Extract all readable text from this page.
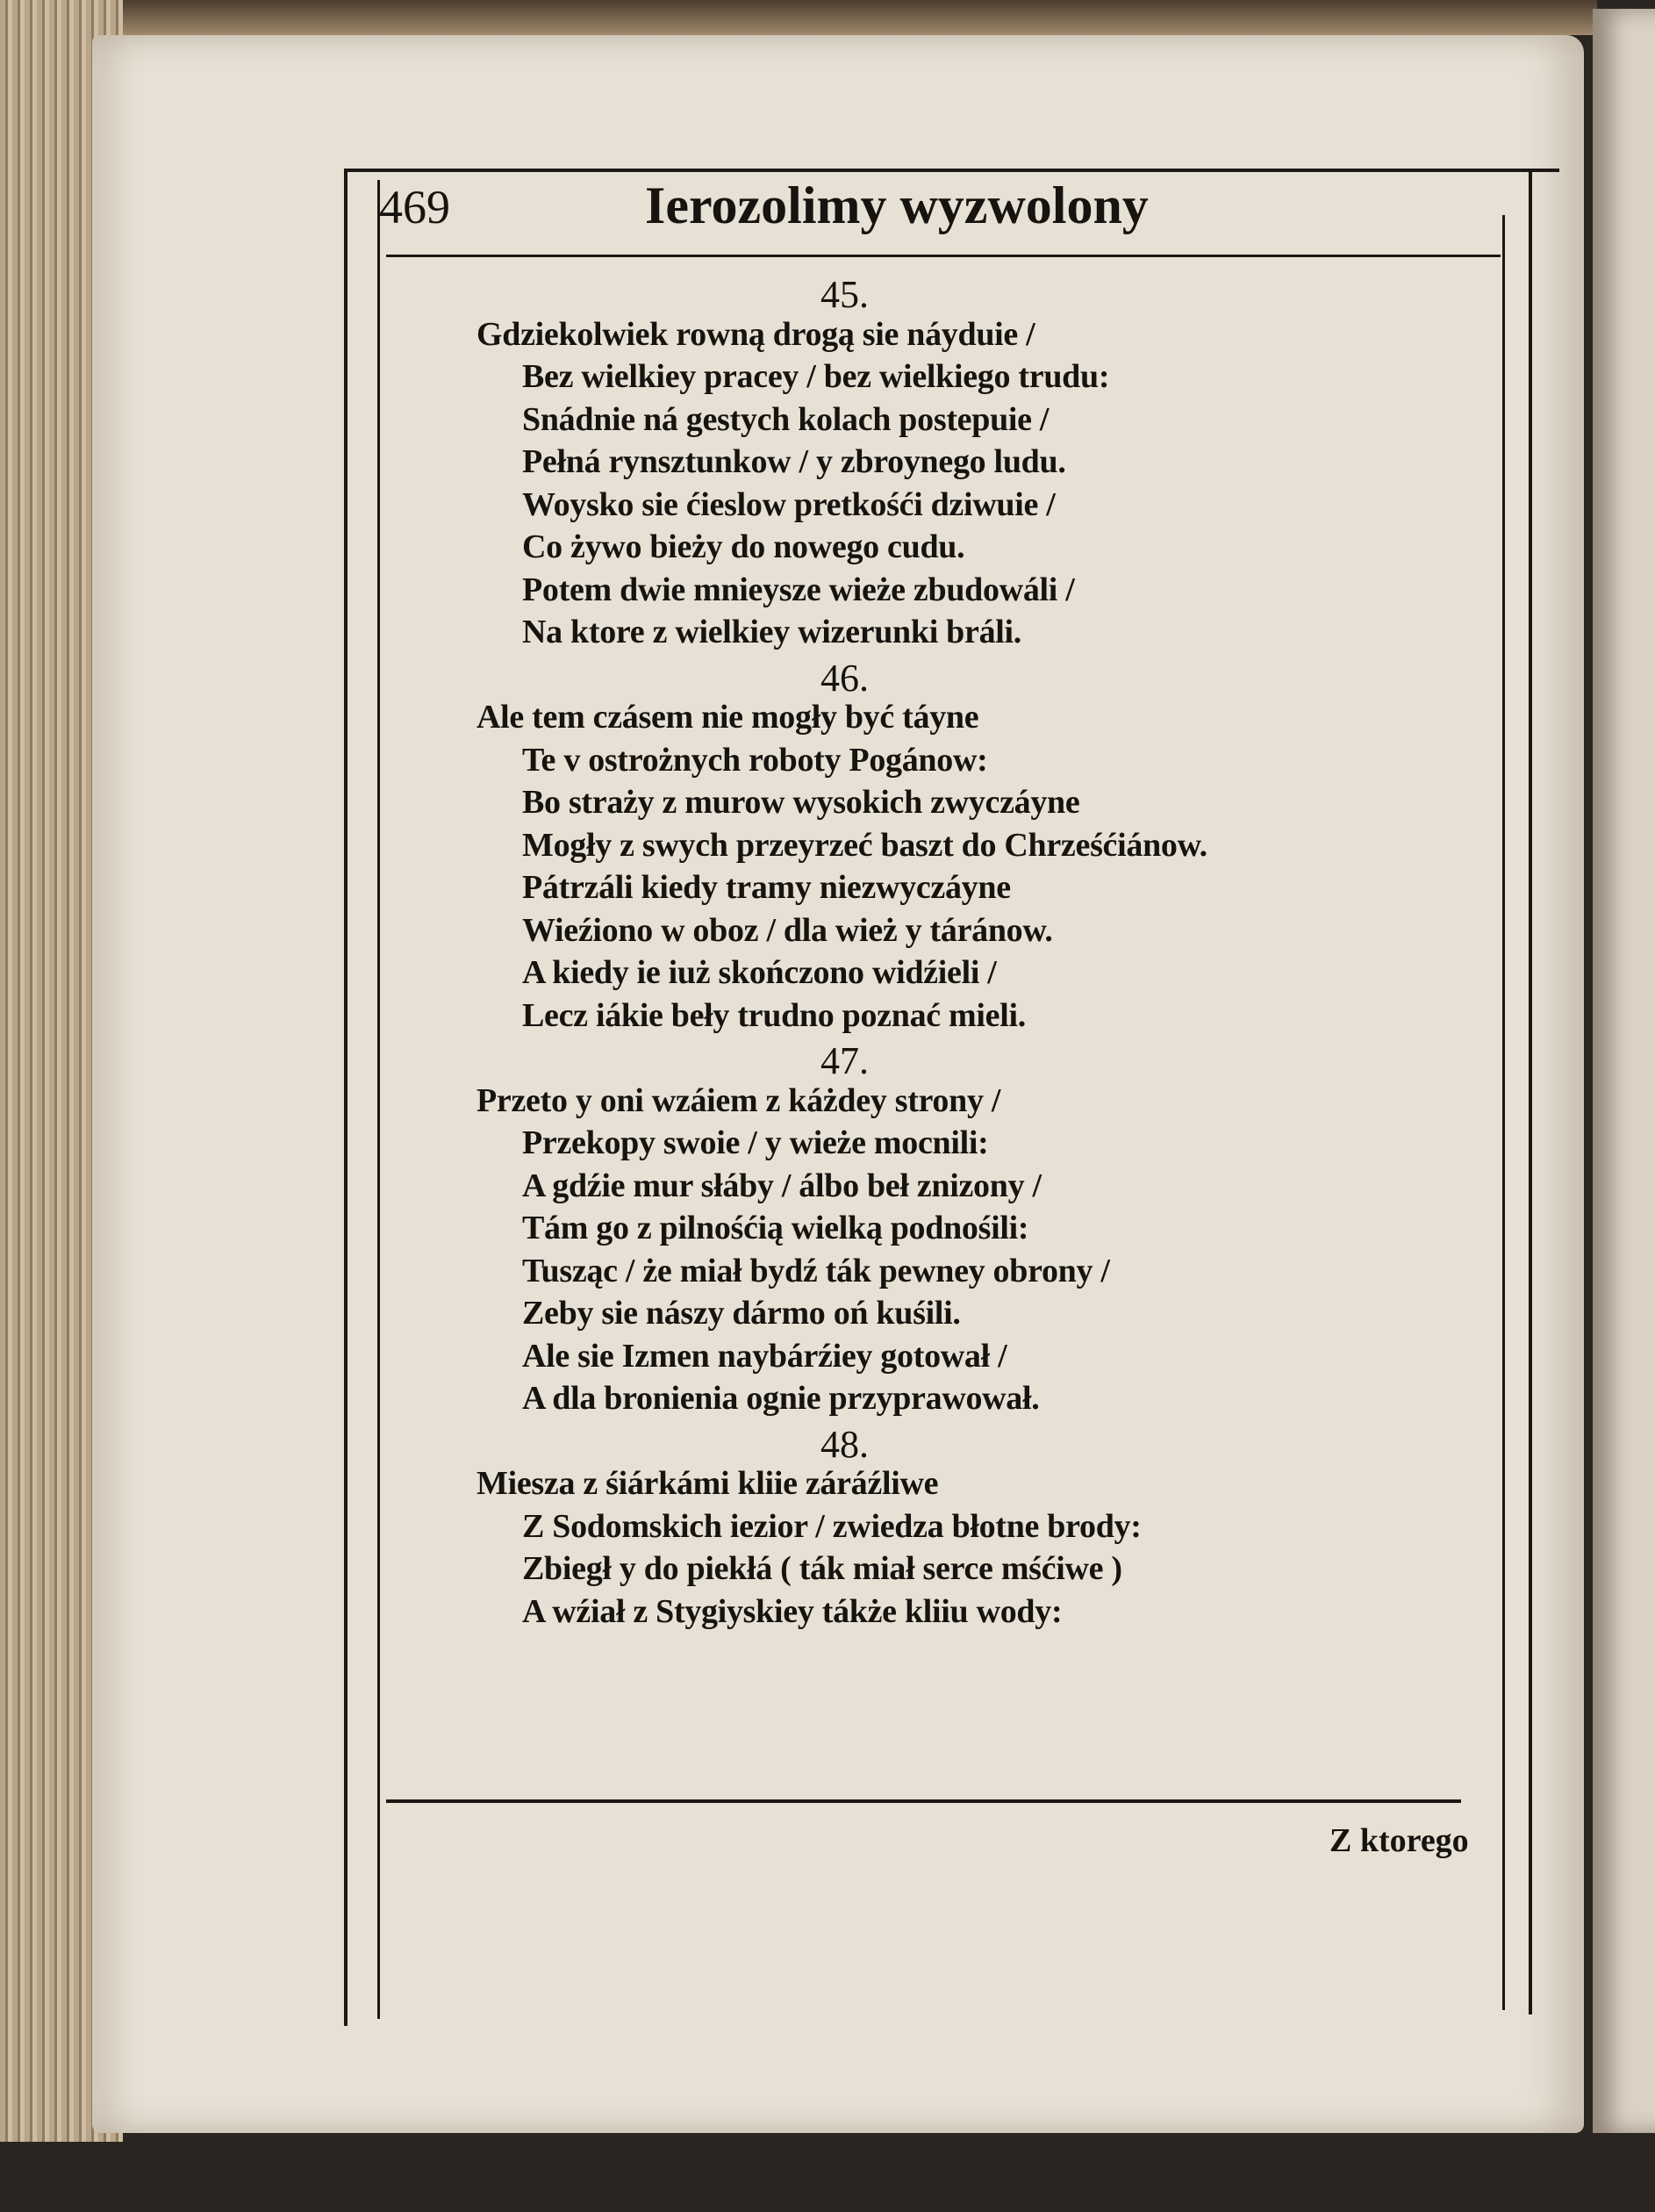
469	Ierozolimy wyzwolony
45.
Gdziekolwiek rowną drogą sie náyduie /
Bez wielkiey pracey / bez wielkiego trudu:
Snádnie ná gestych kolach postepuie /
Pełná rynsztunkow / y zbroynego ludu.
Woysko sie ćieslow pretkośći dziwuie /
Co żywo bieży do nowego cudu.
Potem dwie mnieysze wieże zbudowáli /
Na ktore z wielkiey wizerunki bráli.
46.
Ale tem czásem nie mogły być táyne
Te v ostrożnych roboty Pogánow:
Bo straży z murow wysokich zwyczáyne
Mogły z swych przeyrzeć baszt do Chrześćiánow.
Pátrzáli kiedy tramy niezwyczáyne
Wieźiono w oboz / dla wież y táránow.
A kiedy ie iuż skończono widźieli /
Lecz iákie beły trudno poznać mieli.
47.
Przeto y oni wzáiem z káżdey strony /
Przekopy swoie / y wieże mocnili:
A gdźie mur słáby / álbo beł znizony /
Tám go z pilnośćią wielką podnośili:
Tusząc / że miał bydź ták pewney obrony /
Zeby sie nászy dármo oń kuśili.
Ale sie Izmen naybárźiey gotował /
A dla bronienia ognie przyprawował.
48.
Miesza z śiárkámi kliie záráźliwe
Z Sodomskich iezior / zwiedza błotne brody:
Zbiegł y do piekłá ( ták miał serce mśćiwe )
A wźiał z Stygiyskiey tákże kliiu wody:
Z ktorego
